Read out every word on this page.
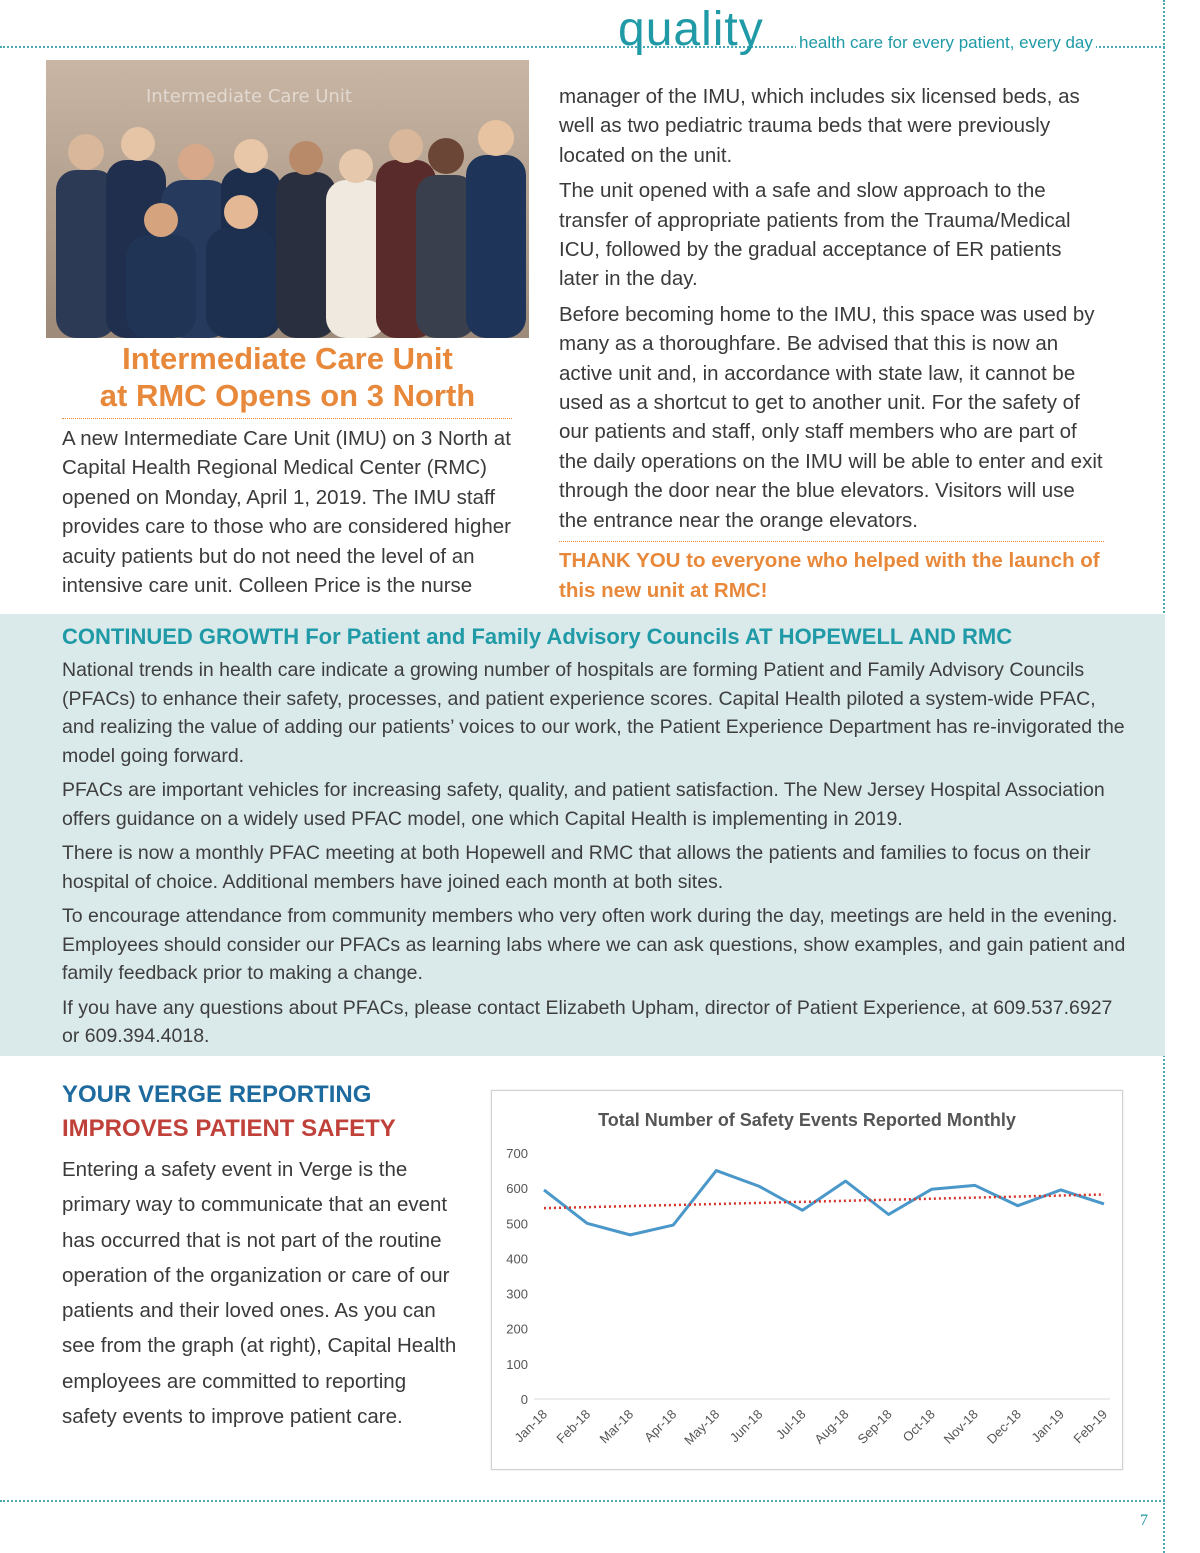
quality health care for every patient, every day
Intermediate Care Unit
Intermediate Care Unit
at RMC Opens on 3 North
A new Intermediate Care Unit (IMU) on 3 North at Capital Health Regional Medical Center (RMC) opened on Monday, April 1, 2019. The IMU staff provides care to those who are considered higher acuity patients but do not need the level of an intensive care unit. Colleen Price is the nurse

manager of the IMU, which includes six licensed beds, as well as two pediatric trauma beds that were previously located on the unit.

The unit opened with a safe and slow approach to the transfer of appropriate patients from the Trauma/Medical ICU, followed by the gradual acceptance of ER patients later in the day.

Before becoming home to the IMU, this space was used by many as a thoroughfare. Be advised that this is now an active unit and, in accordance with state law, it cannot be used as a shortcut to get to another unit. For the safety of our patients and staff, only staff members who are part of the daily operations on the IMU will be able to enter and exit through the door near the blue elevators. Visitors will use the entrance near the orange elevators.

THANK YOU to everyone who helped with the launch of this new unit at RMC!

CONTINUED GROWTH For Patient and Family Advisory Councils AT HOPEWELL AND RMC

National trends in health care indicate a growing number of hospitals are forming Patient and Family Advisory Councils (PFACs) to enhance their safety, processes, and patient experience scores. Capital Health piloted a system-wide PFAC, and realizing the value of adding our patients’ voices to our work, the Patient Experience Department has re-invigorated the model going forward.

PFACs are important vehicles for increasing safety, quality, and patient satisfaction. The New Jersey Hospital Association offers guidance on a widely used PFAC model, one which Capital Health is implementing in 2019.

There is now a monthly PFAC meeting at both Hopewell and RMC that allows the patients and families to focus on their hospital of choice. Additional members have joined each month at both sites.

To encourage attendance from community members who very often work during the day, meetings are held in the evening. Employees should consider our PFACs as learning labs where we can ask questions, show examples, and gain patient and family feedback prior to making a change.

If you have any questions about PFACs, please contact Elizabeth Upham, director of Patient Experience, at 609.537.6927 or 609.394.4018.

YOUR VERGE REPORTING
IMPROVES PATIENT SAFETY
Entering a safety event in Verge is the primary way to communicate that an event has occurred that is not part of the routine operation of the organization or care of our patients and their loved ones. As you can see from the graph (at right), Capital Health employees are committed to reporting safety events to improve patient care.
Total Number of Safety Events Reported Monthly
0
100
200
300
400
500
600
700
Jan-18 Feb-18 Mar-18 Apr-18 May-18 Jun-18 Jul-18 Aug-18 Sep-18 Oct-18 Nov-18 Dec-18 Jan-19 Feb-19
7
